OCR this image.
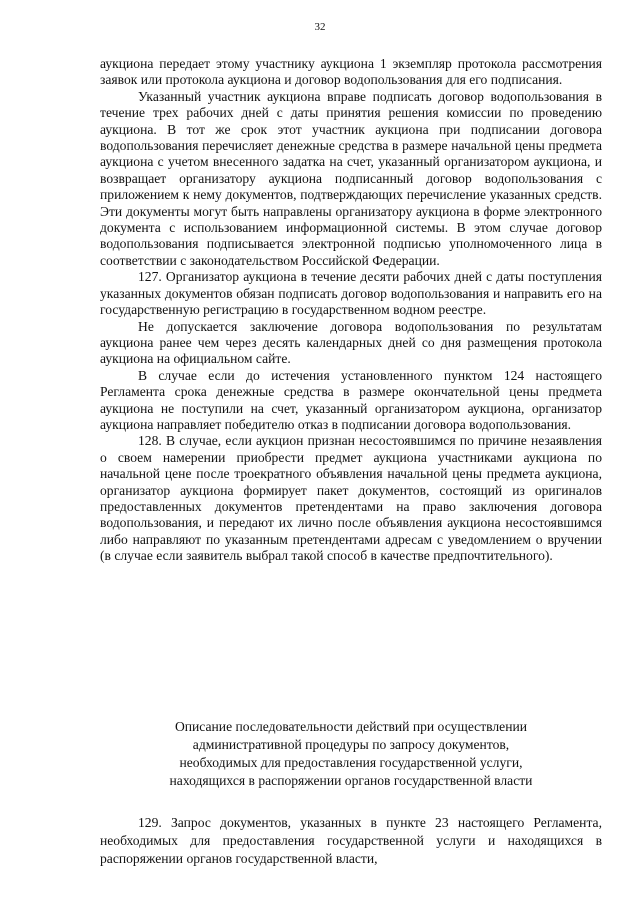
32

аукциона передает этому участнику аукциона 1 экземпляр протокола рассмотрения заявок или протокола аукциона и договор водопользования для его подписания.

Указанный участник аукциона вправе подписать договор водопользования в течение трех рабочих дней с даты принятия решения комиссии по проведению аукциона. В тот же срок этот участник аукциона при подписании договора водопользования перечисляет денежные средства в размере начальной цены предмета аукциона с учетом внесенного задатка на счет, указанный организатором аукциона, и возвращает организатору аукциона подписанный договор водопользования с приложением к нему документов, подтверждающих перечисление указанных средств. Эти документы могут быть направлены организатору аукциона в форме электронного документа с использованием информационной системы. В этом случае договор водопользования подписывается электронной подписью уполномоченного лица в соответствии с законодательством Российской Федерации.

127. Организатор аукциона в течение десяти рабочих дней с даты поступления указанных документов обязан подписать договор водопользования и направить его на государственную регистрацию в государственном водном реестре.

Не допускается заключение договора водопользования по результатам аукциона ранее чем через десять календарных дней со дня размещения протокола аукциона на официальном сайте.

В случае если до истечения установленного пунктом 124 настоящего Регламента срока денежные средства в размере окончательной цены предмета аукциона не поступили на счет, указанный организатором аукциона, организатор аукциона направляет победителю отказ в подписании договора водопользования.

128. В случае, если аукцион признан несостоявшимся по причине незаявления о своем намерении приобрести предмет аукциона участниками аукциона по начальной цене после троекратного объявления начальной цены предмета аукциона, организатор аукциона формирует пакет документов, состоящий из оригиналов предоставленных документов претендентами на право заключения договора водопользования, и передают их лично после объявления аукциона несостоявшимся либо направляют по указанным претендентами адресам с уведомлением о вручении (в случае если заявитель выбрал такой способ в качестве предпочтительного).

Описание последовательности действий при осуществлении
административной процедуры по запросу документов,
необходимых для предоставления государственной услуги,
находящихся в распоряжении органов государственной власти

129. Запрос документов, указанных в пункте 23 настоящего Регламента, необходимых для предоставления государственной услуги и находящихся в распоряжении органов государственной власти,
